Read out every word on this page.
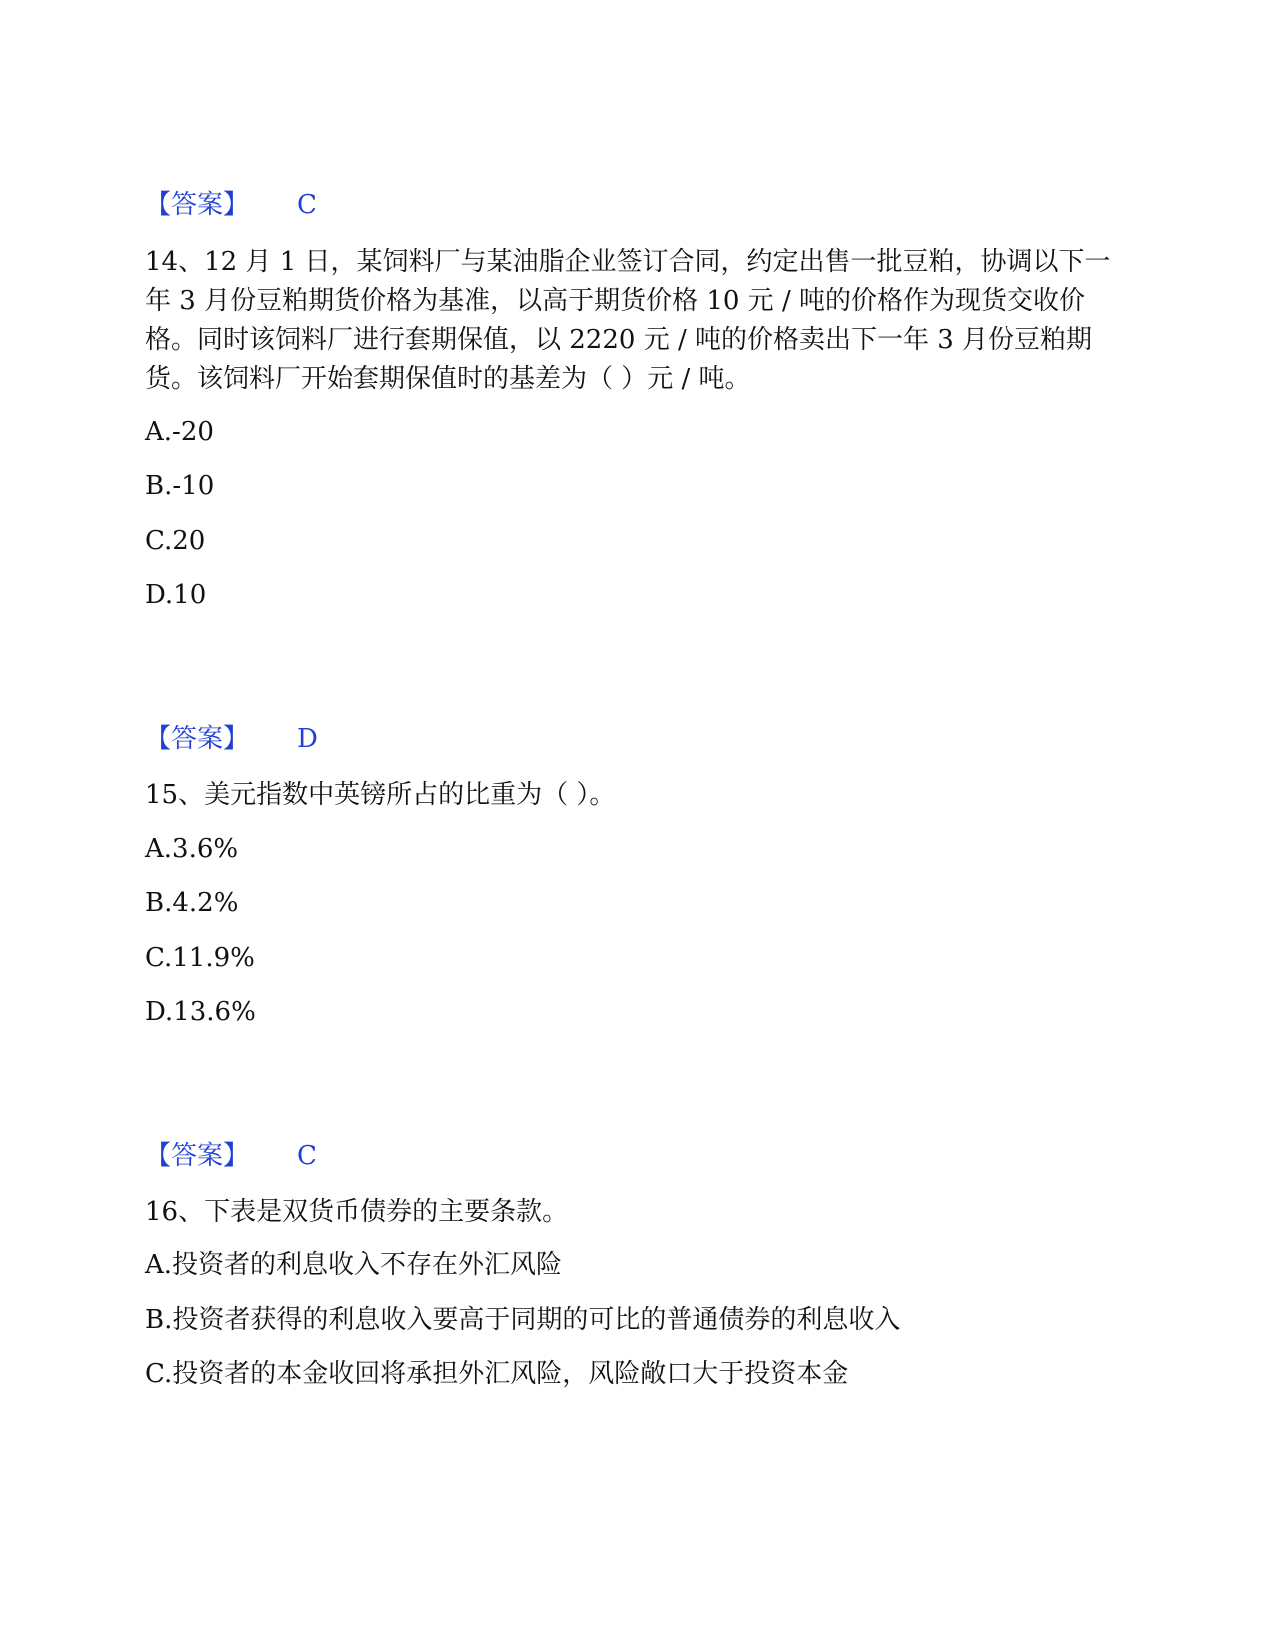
【答案】 C
14、12 月 1 日，某饲料厂与某油脂企业签订合同，约定出售一批豆粕，协调以下一年 3 月份豆粕期货价格为基准，以高于期货价格 10 元 / 吨的价格作为现货交收价格。同时该饲料厂进行套期保值，以 2220 元 / 吨的价格卖出下一年 3 月份豆粕期货。该饲料厂开始套期保值时的基差为（ ）元 / 吨。
A.-20
B.-10
C.20
D.10
【答案】 D
15、美元指数中英镑所占的比重为（ ）。
A.3.6%
B.4.2%
C.11.9%
D.13.6%
【答案】 C
16、下表是双货币债券的主要条款。
A.投资者的利息收入不存在外汇风险
B.投资者获得的利息收入要高于同期的可比的普通债券的利息收入
C.投资者的本金收回将承担外汇风险，风险敞口大于投资本金
